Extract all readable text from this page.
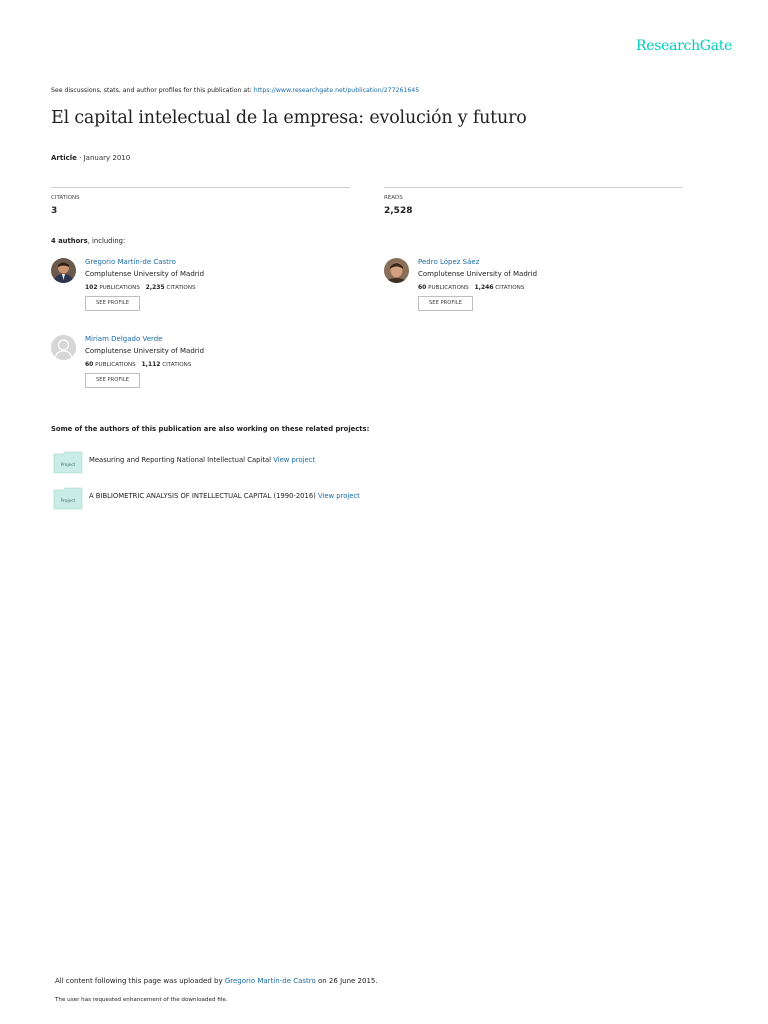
ResearchGate
See discussions, stats, and author profiles for this publication at: https://www.researchgate.net/publication/277261645
El capital intelectual de la empresa: evolución y futuro
Article · January 2010
CITATIONS
3
READS
2,528
4 authors, including:
Gregorio Martín-de Castro
Complutense University of Madrid
102 PUBLICATIONS 2,235 CITATIONS
SEE PROFILE
Pedro López Sáez
Complutense University of Madrid
60 PUBLICATIONS 1,246 CITATIONS
SEE PROFILE
Miriam Delgado Verde
Complutense University of Madrid
60 PUBLICATIONS 1,112 CITATIONS
SEE PROFILE
Some of the authors of this publication are also working on these related projects:
Project
Measuring and Reporting National Intellectual Capital View project
Project
A BIBLIOMETRIC ANALYSIS OF INTELLECTUAL CAPITAL (1990-2016) View project
All content following this page was uploaded by Gregorio Martín-de Castro on 26 June 2015.
The user has requested enhancement of the downloaded file.
